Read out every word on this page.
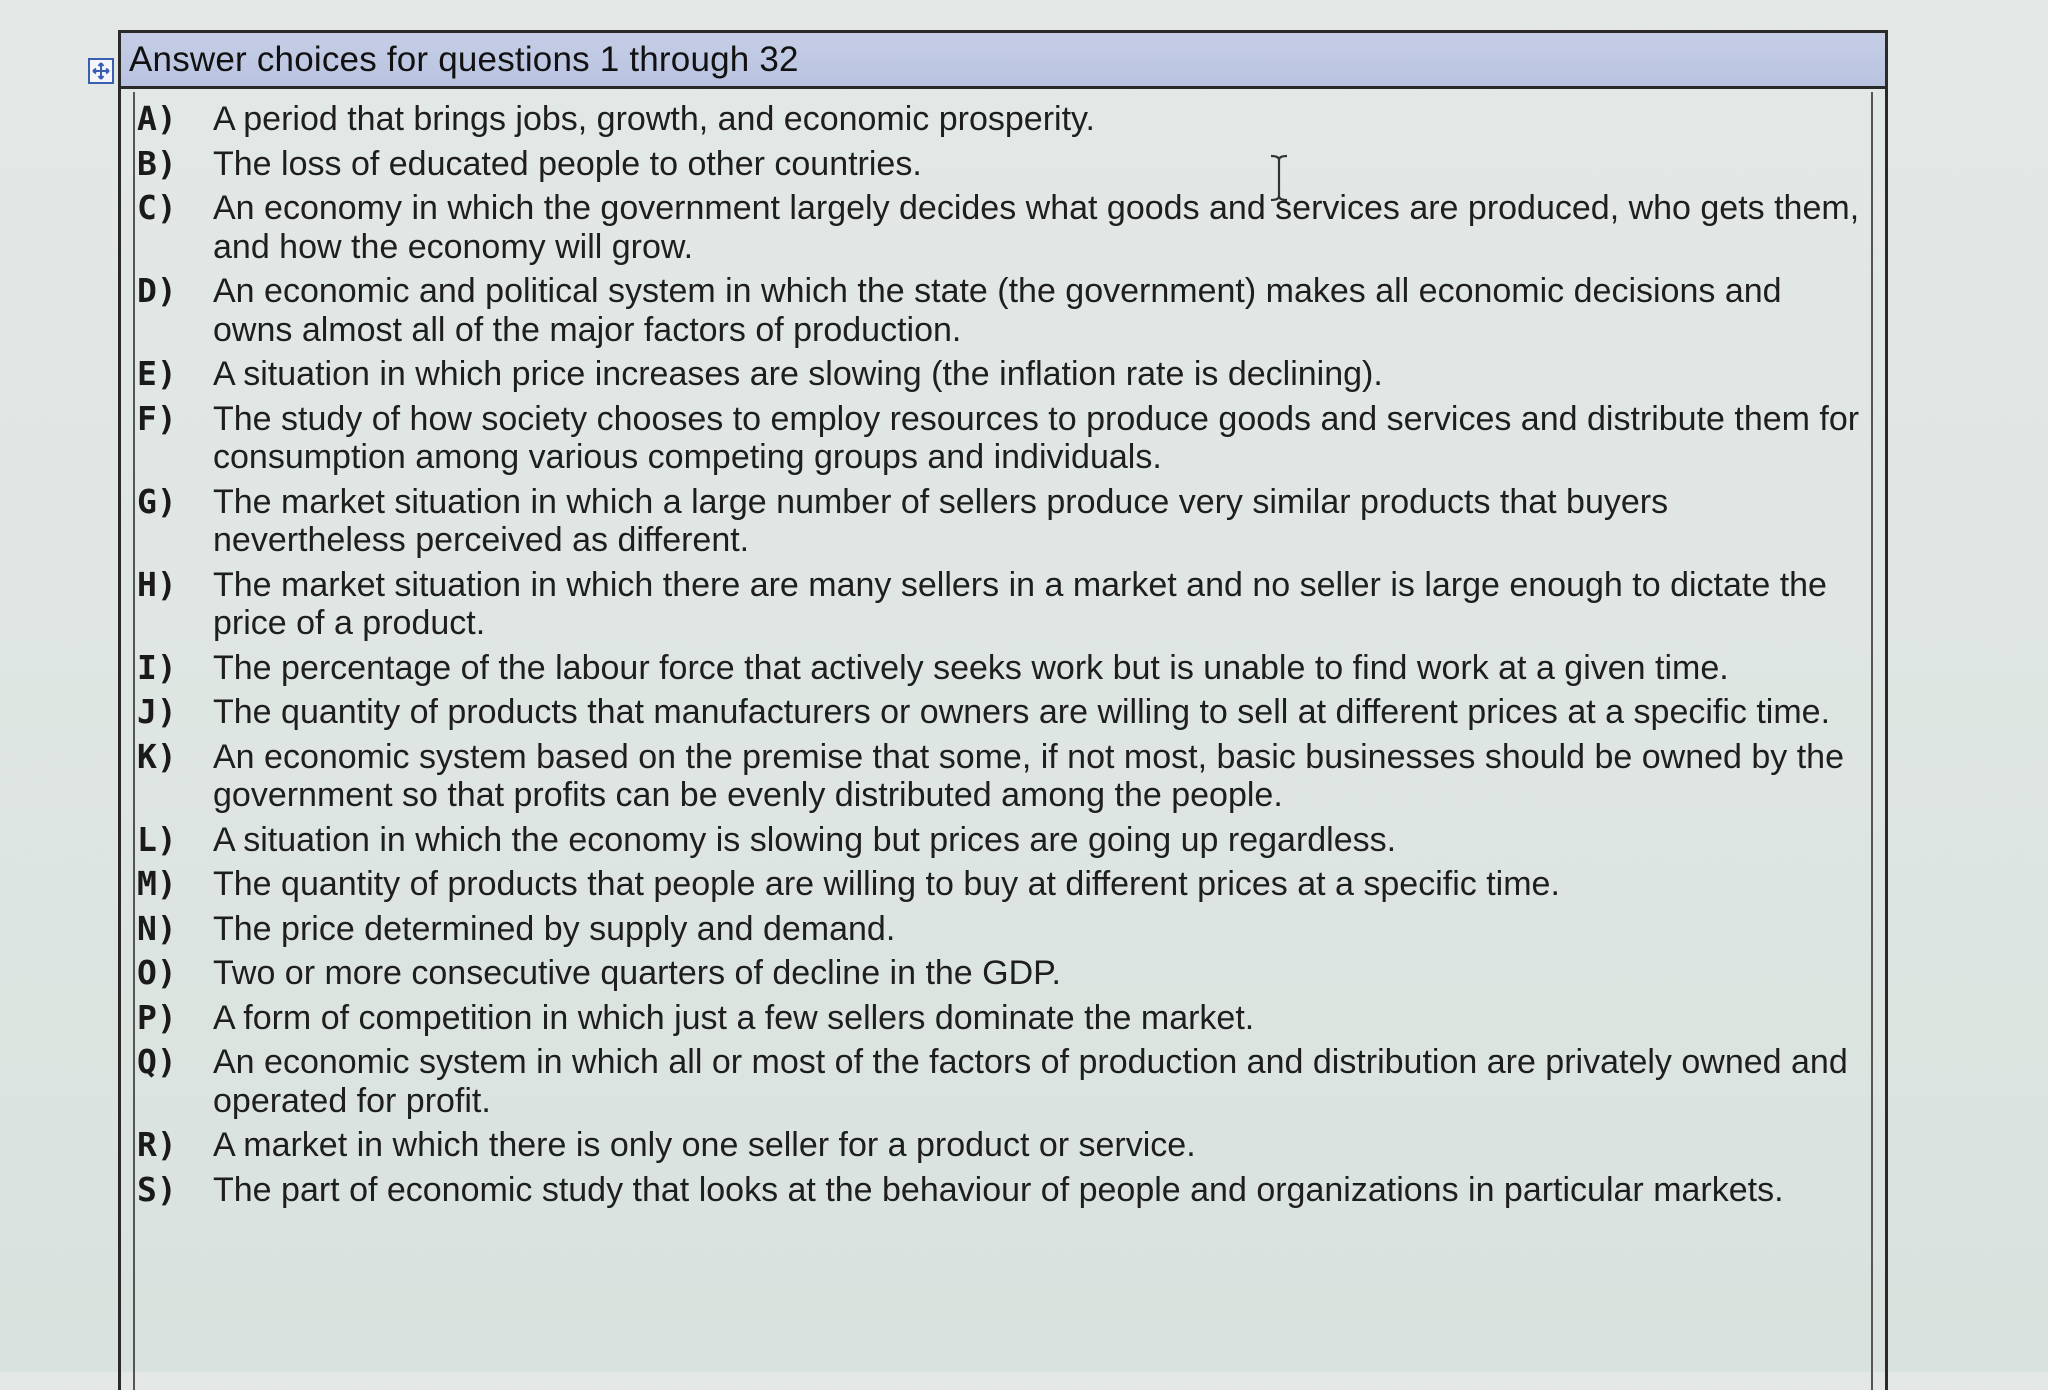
Answer choices for questions 1 through 32
A)	A period that brings jobs, growth, and economic prosperity.
B)	The loss of educated people to other countries.
C)	An economy in which the government largely decides what goods and services are produced, who gets them, and how the economy will grow.
D)	An economic and political system in which the state (the government) makes all economic decisions and owns almost all of the major factors of production.
E)	A situation in which price increases are slowing (the inflation rate is declining).
F)	The study of how society chooses to employ resources to produce goods and services and distribute them for consumption among various competing groups and individuals.
G)	The market situation in which a large number of sellers produce very similar products that buyers nevertheless perceived as different.
H)	The market situation in which there are many sellers in a market and no seller is large enough to dictate the price of a product.
I)	The percentage of the labour force that actively seeks work but is unable to find work at a given time.
J)	The quantity of products that manufacturers or owners are willing to sell at different prices at a specific time.
K)	An economic system based on the premise that some, if not most, basic businesses should be owned by the government so that profits can be evenly distributed among the people.
L)	A situation in which the economy is slowing but prices are going up regardless.
M)	The quantity of products that people are willing to buy at different prices at a specific time.
N)	The price determined by supply and demand.
O)	Two or more consecutive quarters of decline in the GDP.
P)	A form of competition in which just a few sellers dominate the market.
Q)	An economic system in which all or most of the factors of production and distribution are privately owned and operated for profit.
R)	A market in which there is only one seller for a product or service.
S)	The part of economic study that looks at the behaviour of people and organizations in particular markets.
